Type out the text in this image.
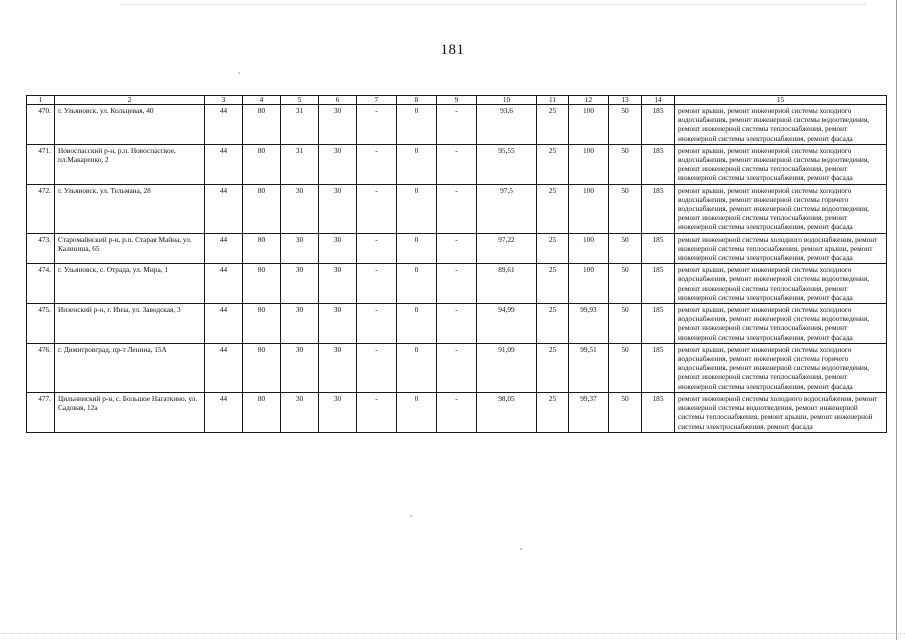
181
1	2	3	4	5	6	7	8	9	10	11	12	13	14	15
470.	г. Ульяновск, ул. Кольцевая, 40	44	80	31	30	-	0	-	93,6	25	100	50	185	ремонт крыши, ремонт инженерной системы холодного водоснабжения, ремонт инженерной системы водоотведения, ремонт инженерной системы теплоснабжения, ремонт инженерной системы электроснабжения, ремонт фасада
471.	Новоспасский р-н, р.п. Новоспасское, пл.Макаренко, 2	44	80	31	30	-	0	-	95,55	25	100	50	185	ремонт крыши, ремонт инженерной системы холодного водоснабжения, ремонт инженерной системы водоотведения, ремонт инженерной системы теплоснабжения, ремонт инженерной системы электроснабжения, ремонт фасада
472.	г. Ульяновск, ул. Тельмана, 28	44	80	30	30	-	0	-	97,5	25	100	50	185	ремонт крыши, ремонт инженерной системы холодного водоснабжения, ремонт инженерной системы горячего водоснабжения, ремонт инженерной системы водоотведения, ремонт инженерной системы теплоснабжения, ремонт инженерной системы электроснабжения, ремонт фасада
473.	Старомайнский р-н, р.п. Старая Майна, ул. Калинина, 65	44	80	30	30	-	0	-	97,22	25	100	50	185	ремонт инженерной системы холодного водоснабжения, ремонт инженерной системы теплоснабжения, ремонт крыши, ремонт инженерной системы электроснабжения, ремонт фасада
474.	г. Ульяновск, с. Отрада, ул. Мира, 1	44	80	30	30	-	0	-	89,61	25	100	50	185	ремонт крыши, ремонт инженерной системы холодного водоснабжения, ремонт инженерной системы водоотведения, ремонт инженерной системы теплоснабжения, ремонт инженерной системы электроснабжения, ремонт фасада
475.	Инзенский р-н, г. Инза, ул. Заводская, 3	44	80	30	30	-	0	-	94,99	25	99,93	50	185	ремонт крыши, ремонт инженерной системы холодного водоснабжения, ремонт инженерной системы водоотведения, ремонт инженерной системы теплоснабжения, ремонт инженерной системы электроснабжения, ремонт фасада
476.	г. Димитровград, пр-т Ленина, 15А	44	80	30	30	-	0	-	91,09	25	99,51	50	185	ремонт крыши, ремонт инженерной системы холодного водоснабжения, ремонт инженерной системы горячего водоснабжения, ремонт инженерной системы водоотведения, ремонт инженерной системы теплоснабжения, ремонт инженерной системы электроснабжения, ремонт фасада
477.	Цильнинский р-н, с. Большое Нагаткино, ул. Садовая, 12а	44	80	30	30	-	0	-	98,05	25	99,37	50	185	ремонт инженерной системы холодного водоснабжения, ремонт инженерной системы водоотведения, ремонт инженерной системы теплоснабжения, ремонт крыши, ремонт инженерной системы электроснабжения, ремонт фасада
